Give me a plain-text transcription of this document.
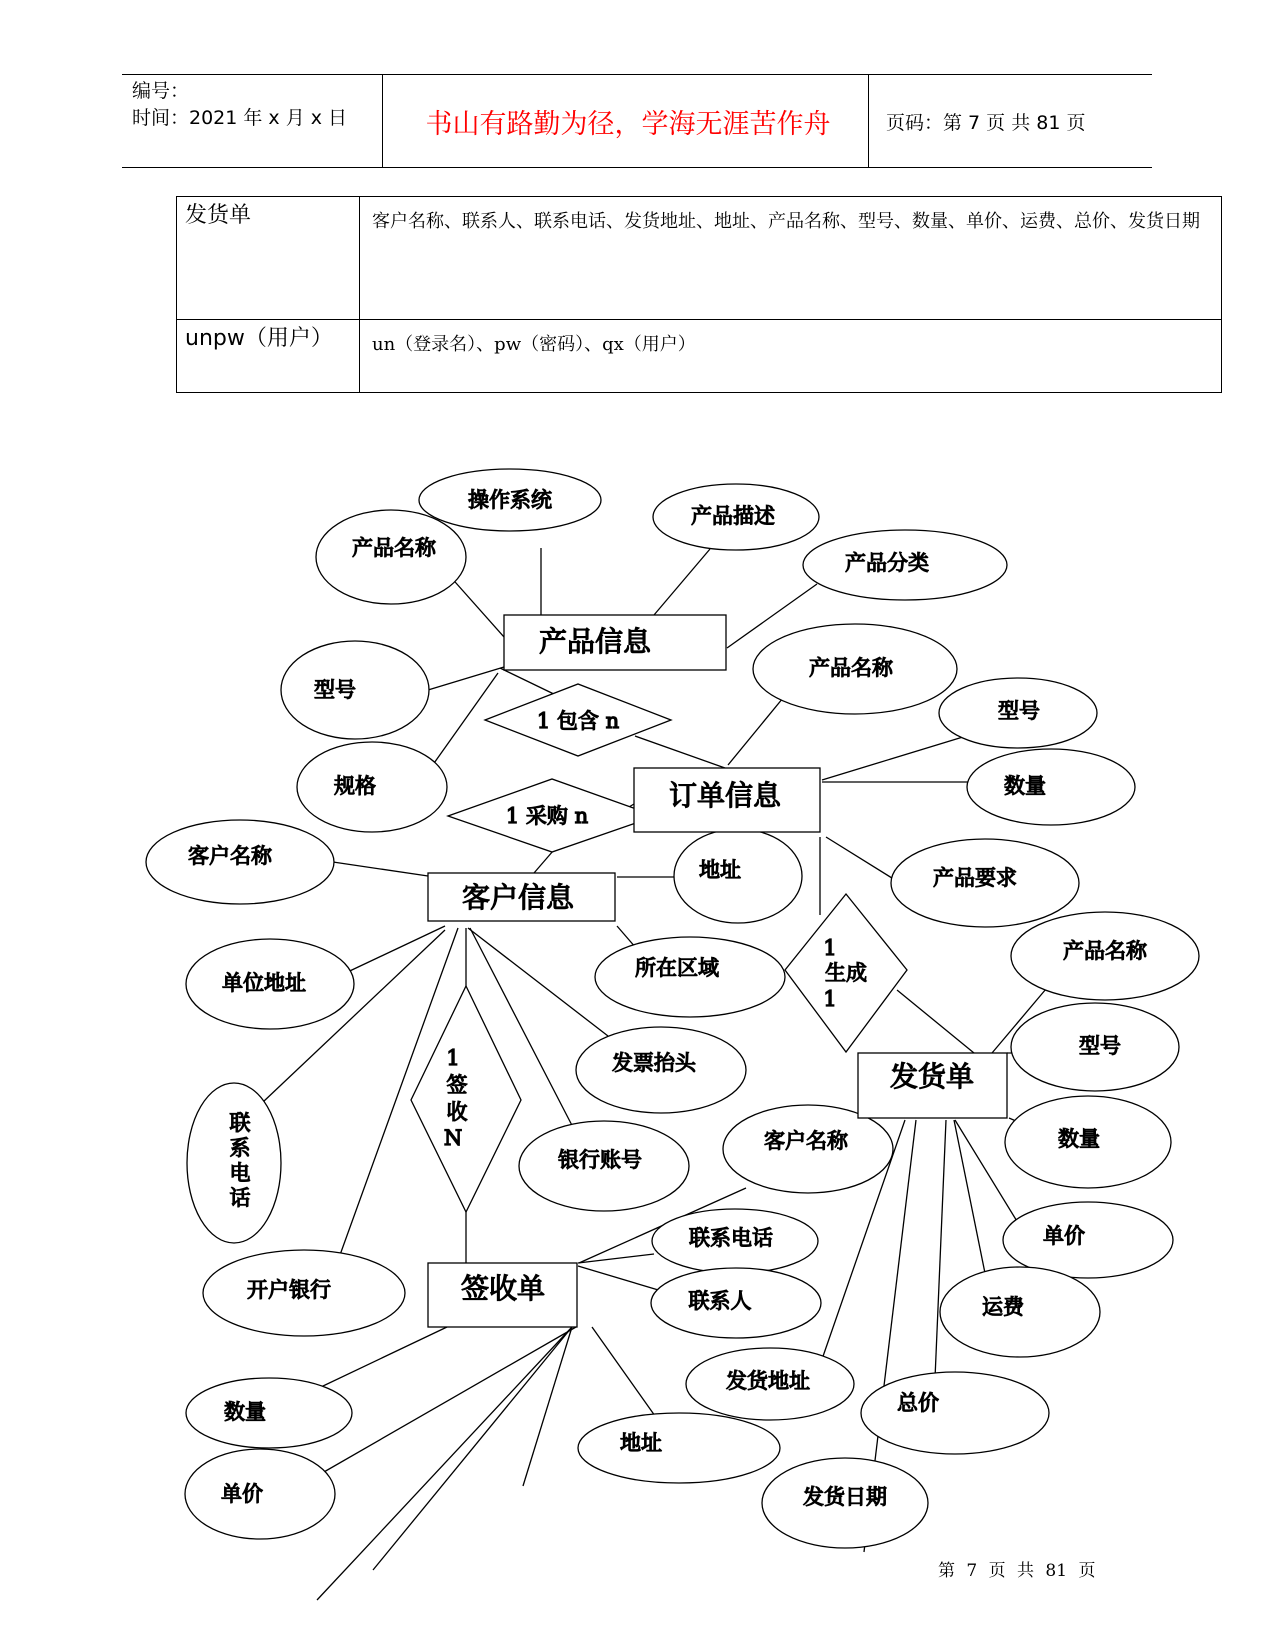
编号：
时间：2021 年 x 月 x 日	书山有路勤为径，学海无涯苦作舟	页码：第 7 页 共 81 页
发货单	客户名称、联系人、联系电话、发货地址、地址、产品名称、型号、数量、单价、运费、总价、发货日期
unpw（用户）	un（登录名）、pw（密码）、qx（用户）
操作系统
产品名称
产品描述
产品分类
型号
规格
产品名称
型号
数量
产品要求
客户名称
地址
所在区域
单位地址
发票抬头
联
系
电
话
银行账号
开户银行
产品名称
型号
数量
单价
运费
总价
发货日期
发货地址
客户名称
联系电话
联系人
地址
数量
单价
1 包含 n
1 采购 n
1
生成
1
1
签
收
N
产品信息
订单信息
客户信息
发货单
签收单
第 7 页 共 81 页
